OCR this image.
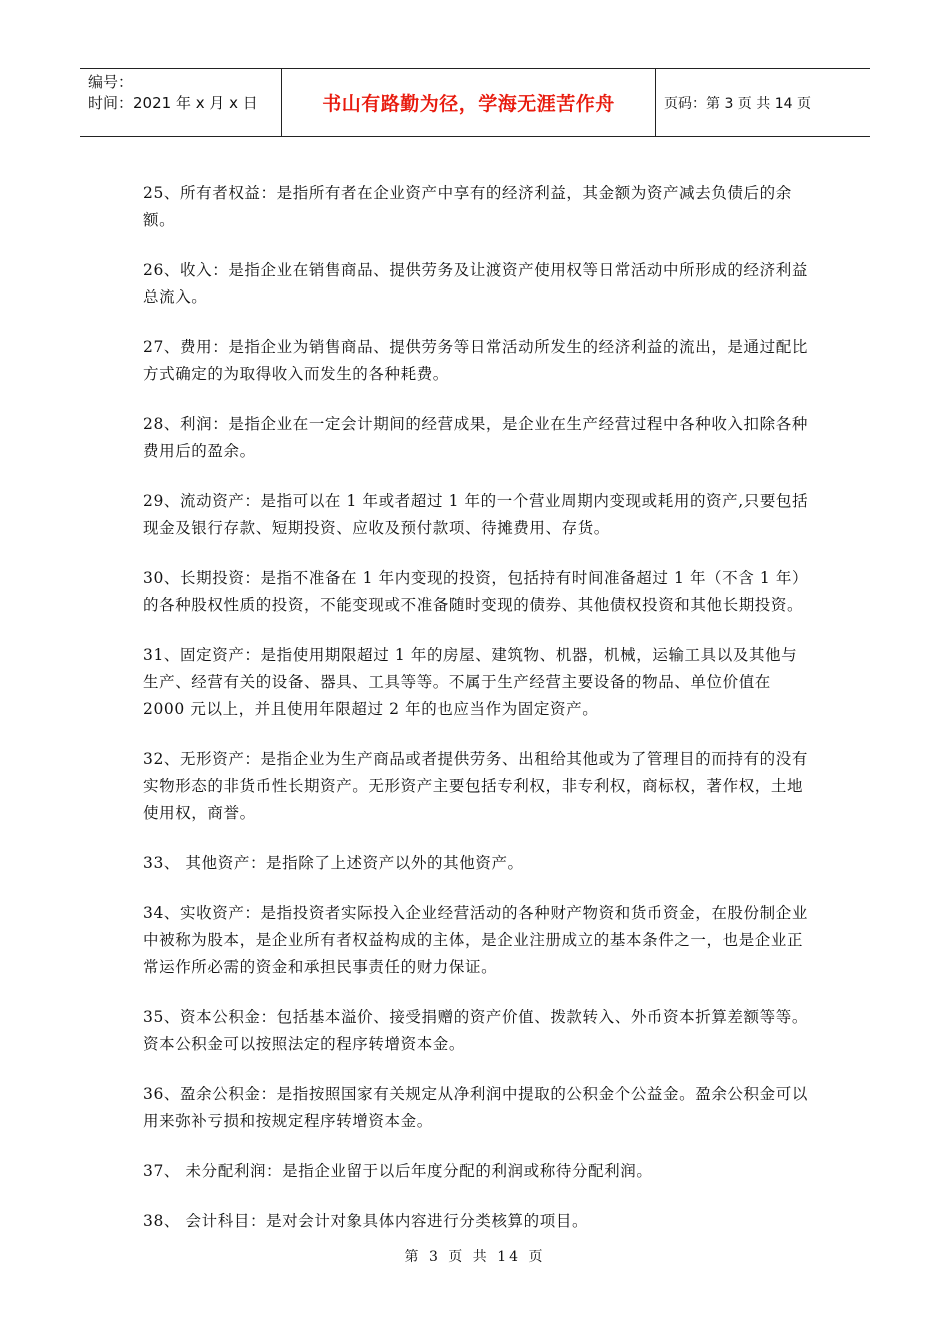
编号：
时间：2021 年 x 月 x 日	书山有路勤为径，学海无涯苦作舟	页码：第 3 页 共 14 页

25、所有者权益：是指所有者在企业资产中享有的经济利益，其金额为资产减去负债后的余额。

26、收入：是指企业在销售商品、提供劳务及让渡资产使用权等日常活动中所形成的经济利益总流入。

27、费用：是指企业为销售商品、提供劳务等日常活动所发生的经济利益的流出，是通过配比方式确定的为取得收入而发生的各种耗费。

28、利润：是指企业在一定会计期间的经营成果，是企业在生产经营过程中各种收入扣除各种费用后的盈余。

29、流动资产：是指可以在 1 年或者超过 1 年的一个营业周期内变现或耗用的资产,只要包括现金及银行存款、短期投资、应收及预付款项、待摊费用、存货。

30、长期投资：是指不准备在 1 年内变现的投资，包括持有时间准备超过 1 年（不含 1 年）的各种股权性质的投资，不能变现或不准备随时变现的债券、其他债权投资和其他长期投资。

31、固定资产：是指使用期限超过 1 年的房屋、建筑物、机器，机械，运输工具以及其他与生产、经营有关的设备、器具、工具等等。不属于生产经营主要设备的物品、单位价值在 2000 元以上，并且使用年限超过 2 年的也应当作为固定资产。

32、无形资产：是指企业为生产商品或者提供劳务、出租给其他或为了管理目的而持有的没有实物形态的非货币性长期资产。无形资产主要包括专利权，非专利权，商标权，著作权，土地使用权，商誉。

33、 其他资产：是指除了上述资产以外的其他资产。

34、实收资产：是指投资者实际投入企业经营活动的各种财产物资和货币资金，在股份制企业中被称为股本，是企业所有者权益构成的主体，是企业注册成立的基本条件之一，也是企业正常运作所必需的资金和承担民事责任的财力保证。

35、资本公积金：包括基本溢价、接受捐赠的资产价值、拨款转入、外币资本折算差额等等。资本公积金可以按照法定的程序转增资本金。

36、盈余公积金：是指按照国家有关规定从净利润中提取的公积金个公益金。盈余公积金可以用来弥补亏损和按规定程序转增资本金。

37、 未分配利润：是指企业留于以后年度分配的利润或称待分配利润。

38、 会计科目：是对会计对象具体内容进行分类核算的项目。

第 3 页 共 14 页
